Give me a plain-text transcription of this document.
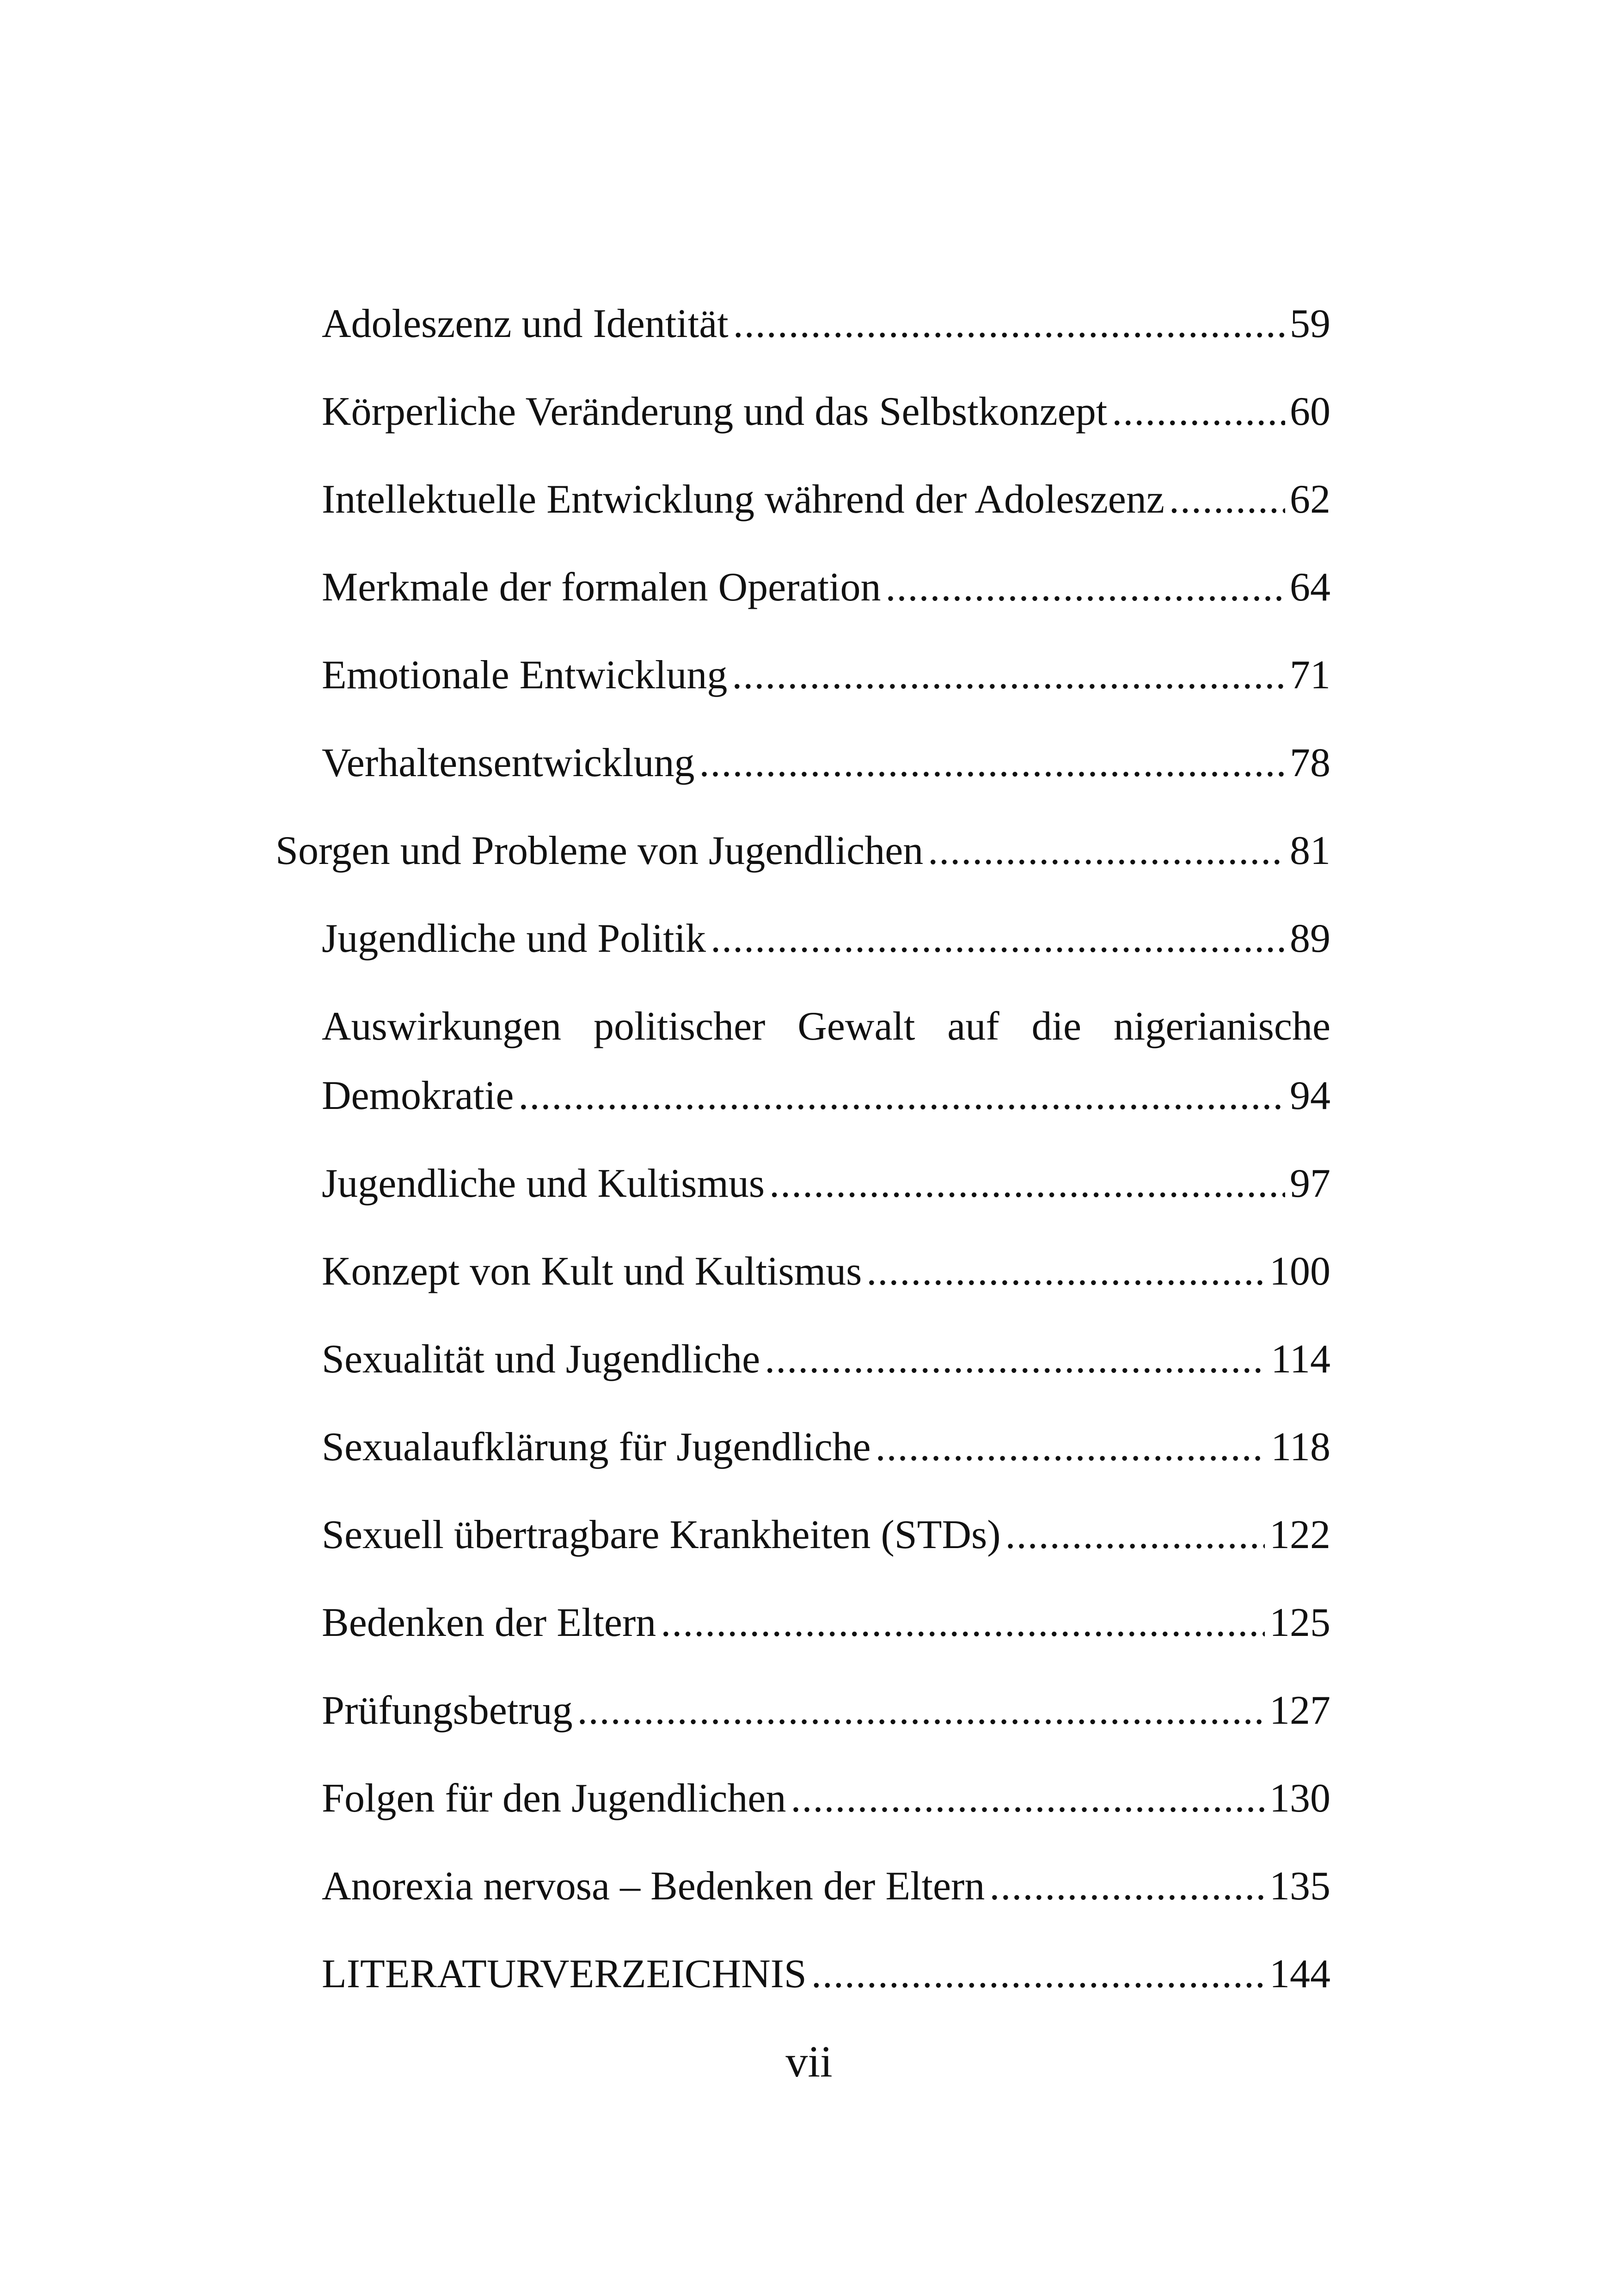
Adoleszenz und Identität .....	59
Körperliche Veränderung und das Selbstkonzept .....	60
Intellektuelle Entwicklung während der Adoleszenz .....	62
Merkmale der formalen Operation .....	64
Emotionale Entwicklung .....	71
Verhaltensentwicklung .....	78
Sorgen und Probleme von Jugendlichen .....	81
Jugendliche und Politik .....	89
Auswirkungen politischer Gewalt auf die nigerianische
Demokratie .....	94
Jugendliche und Kultismus .....	97
Konzept von Kult und Kultismus .....	100
Sexualität und Jugendliche .....	114
Sexualaufklärung für Jugendliche .....	118
Sexuell übertragbare Krankheiten (STDs) .....	122
Bedenken der Eltern .....	125
Prüfungsbetrug .....	127
Folgen für den Jugendlichen .....	130
Anorexia nervosa – Bedenken der Eltern .....	135
LITERATURVERZEICHNIS .....	144
vii
